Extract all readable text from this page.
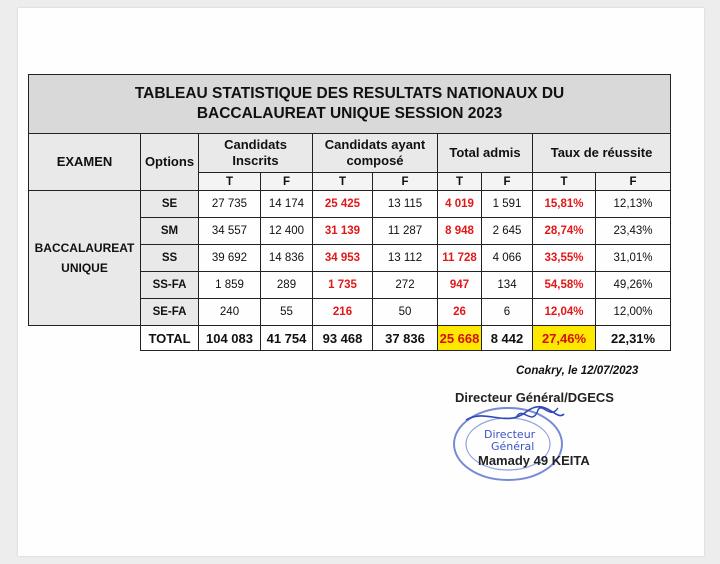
TABLEAU STATISTIQUE DES RESULTATS NATIONAUX DU
BACCALAUREAT UNIQUE SESSION 2023									

EXAMEN	Options	Candidats Inscrits		Candidats ayant composé		Total admis		Taux de réussite	
		T	F	T	F	T	F	T	F

BACCALAUREAT
UNIQUE	SE	27 735	14 174	25 425	13 115	4 019	1 591	15,81%	12,13%
	SM	34 557	12 400	31 139	11 287	8 948	2 645	28,74%	23,43%
	SS	39 692	14 836	34 953	13 112	11 728	4 066	33,55%	31,01%
	SS-FA	1 859	289	1 735	272	947	134	54,58%	49,26%
	SE-FA	240	55	216	50	26	6	12,04%	12,00%
	TOTAL	104 083	41 754	93 468	37 836	25 668	8 442	27,46%	22,31%
Conakry, le 12/07/2023
Directeur Général/DGECS
Directeur
Général
Mamady 49 KEITA
